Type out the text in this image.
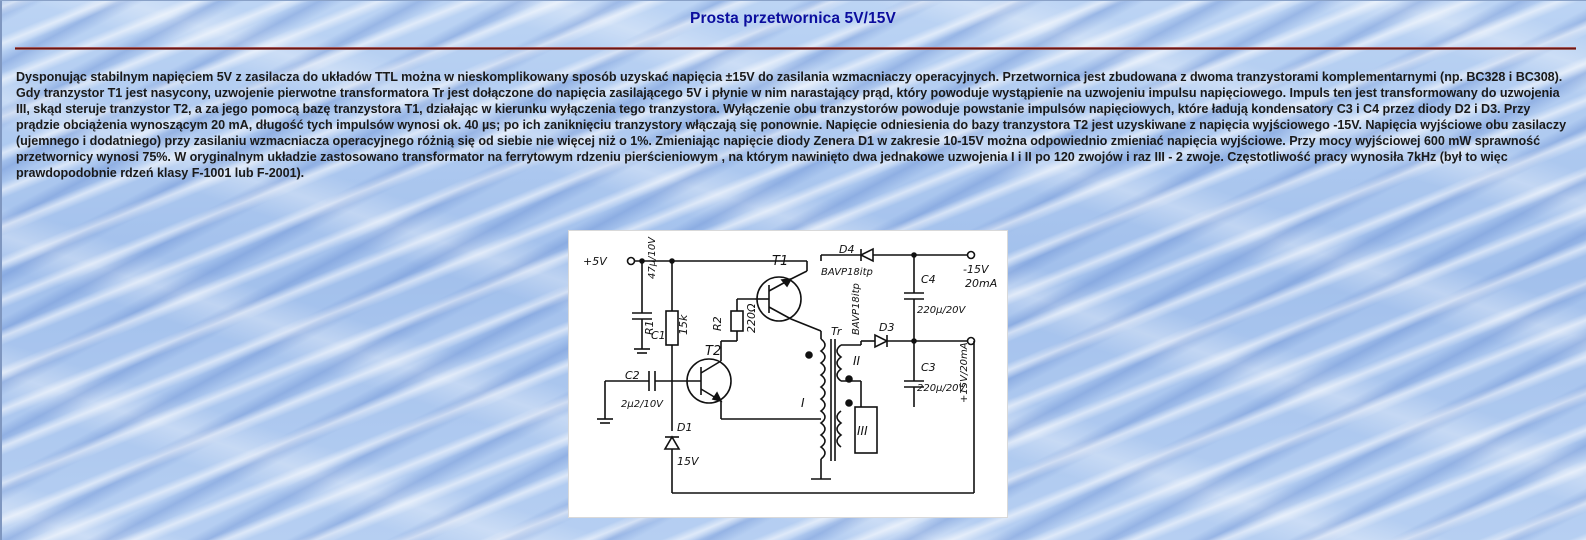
Prosta przetwornica 5V/15V

Dysponując stabilnym napięciem 5V z zasilacza do układów TTL można w nieskomplikowany sposób uzyskać napięcia ±15V do zasilania wzmacniaczy operacyjnych. Przetwornica jest zbudowana z dwoma tranzystorami komplementarnymi (np. BC328 i BC308). Gdy tranzystor T1 jest nasycony, uzwojenie pierwotne transformatora Tr jest dołączone do napięcia zasilającego 5V i płynie w nim narastający prąd, który powoduje wystąpienie na uzwojeniu impulsu napięciowego. Impuls ten jest transformowany do uzwojenia III, skąd steruje tranzystor T2, a za jego pomocą bazę tranzystora T1, działając w kierunku wyłączenia tego tranzystora. Wyłączenie obu tranzystorów powoduje powstanie impulsów napięciowych, które ładują kondensatory C3 i C4 przez diody D2 i D3. Przy prądzie obciążenia wynoszącym 20 mA, długość tych impulsów wynosi ok. 40 µs; po ich zaniknięciu tranzystory włączają się ponownie. Napięcie odniesienia do bazy tranzystora T2 jest uzyskiwane z napięcia wyjściowego -15V. Napięcia wyjściowe obu zasilaczy (ujemnego i dodatniego) przy zasilaniu wzmacniacza operacyjnego różnią się od siebie nie więcej niż o 1%. Zmieniając napięcie diody Zenera D1 w zakresie 10-15V można odpowiednio zmieniać napięcia wyjściowe. Przy mocy wyjściowej 600 mW sprawność przetwornicy wynosi 75%. W oryginalnym układzie zastosowano transformator na ferrytowym rdzeniu pierścieniowym , na którym nawinięto dwa jednakowe uzwojenia I i II po 120 zwojów i raz III - 2 zwoje. Częstotliwość pracy wynosiła 7kHz (był to więc prawdopodobnie rdzeń klasy F-1001 lub F-2001).

+5V
C1
47µ/10V
R1 15k R2 220Ω
T1
T2
C2
2µ2/10V
D1
15V
D4
BAVP18itp
D3
BAVP18itp
C4
220µ/20V
C3
220µ/20V
Tr
I
II
III
-15V
20mA
+15V/20mA
